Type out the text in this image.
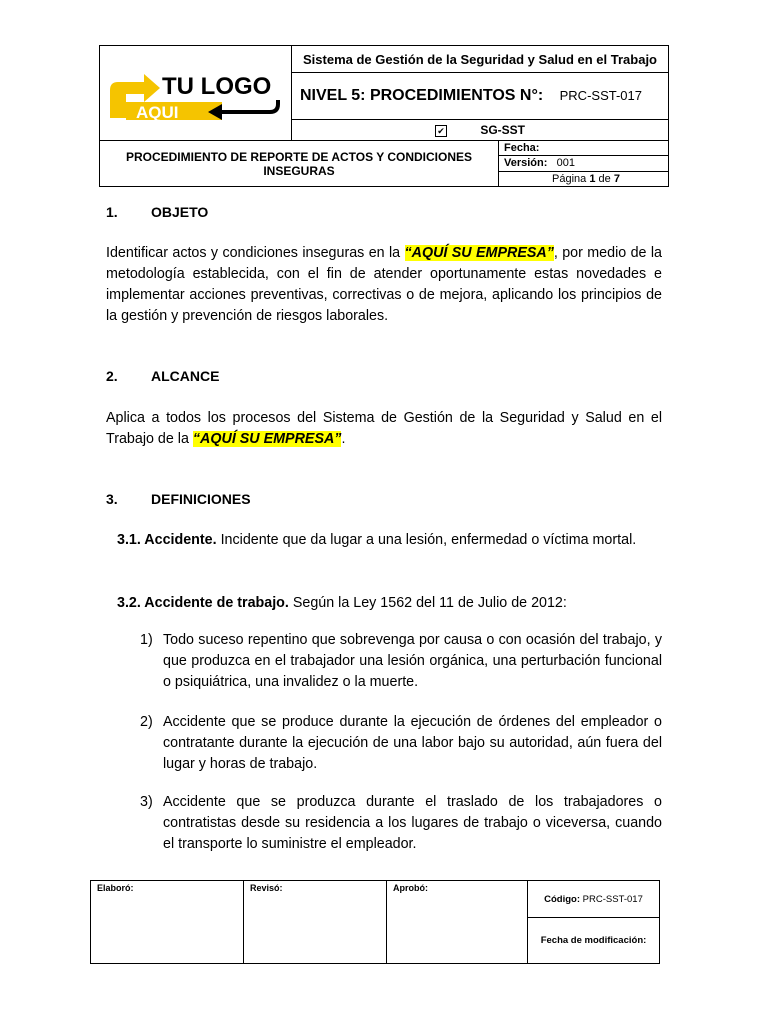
TU LOGO
AQUI
	Sistema de Gestión de la Seguridad y Salud en el Trabajo
NIVEL 5: PROCEDIMIENTOS N°: PRC-SST-017
✔	SG-SST

PROCEDIMIENTO DE REPORTE DE ACTOS Y CONDICIONES INSEGURAS	Fecha:
Versión: 001
Página 1 de 7
1. OBJETO
Identificar actos y condiciones inseguras en la “AQUÍ SU EMPRESA”, por medio de la metodología establecida, con el fin de atender oportunamente estas novedades e implementar acciones preventivas, correctivas o de mejora, aplicando los principios de la gestión y prevención de riesgos laborales.
2. ALCANCE
Aplica a todos los procesos del Sistema de Gestión de la Seguridad y Salud en el Trabajo de la “AQUÍ SU EMPRESA”.
3. DEFINICIONES
3.1. Accidente. Incidente que da lugar a una lesión, enfermedad o víctima mortal.
3.2. Accidente de trabajo. Según la Ley 1562 del 11 de Julio de 2012:
1) Todo suceso repentino que sobrevenga por causa o con ocasión del trabajo, y que produzca en el trabajador una lesión orgánica, una perturbación funcional o psiquiátrica, una invalidez o la muerte.
2) Accidente que se produce durante la ejecución de órdenes del empleador o contratante durante la ejecución de una labor bajo su autoridad, aún fuera del lugar y horas de trabajo.
3) Accidente que se produzca durante el traslado de los trabajadores o contratistas desde su residencia a los lugares de trabajo o viceversa, cuando el transporte lo suministre el empleador.
Elaboró:	Revisó:	Aprobó:	Código: PRC-SST-017
Fecha de modificación:
